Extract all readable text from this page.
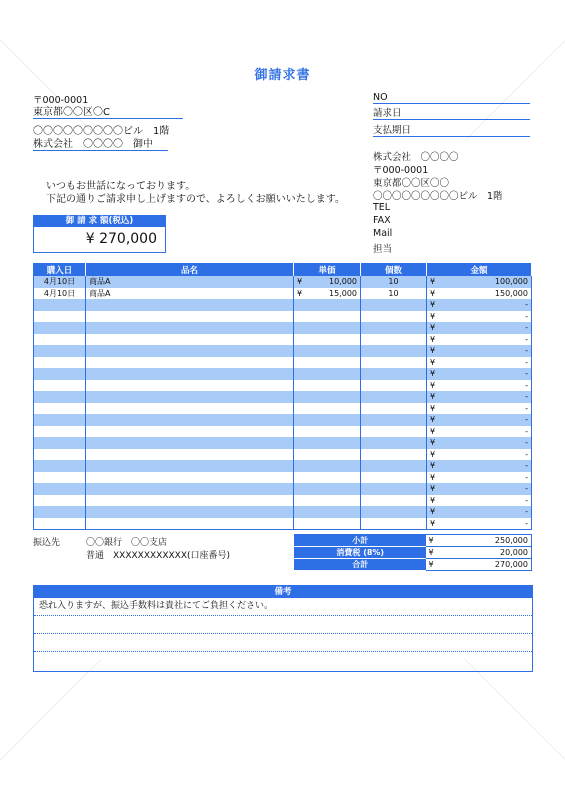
御請求書
〒000-0001
東京都〇〇区〇C
〇〇〇〇〇〇〇〇〇ビル　1階
株式会社　〇〇〇〇　御中
NO
請求日
支払期日
株式会社　〇〇〇〇
〒000-0001
東京都〇〇区〇〇
〇〇〇〇〇〇〇〇〇ビル　1階
TEL
FAX
Mail
担当
いつもお世話になっております。
下記の通りご請求申し上げますので、よろしくお願いいたします。
御 請 求 額(税込)
¥ 270,000
購入日	品名	単価	個数	金額
4月10日	商品A	¥ 10,000	10	¥ 100,000

4月10日	商品A	¥ 15,000	10	¥ 150,000

				¥ -

				¥ -

				¥ -

				¥ -

				¥ -

				¥ -

				¥ -

				¥ -

				¥ -

				¥ -

				¥ -

				¥ -

				¥ -

				¥ -

				¥ -

				¥ -

				¥ -

				¥ -

				¥ -

				¥ -
振込先	〇〇銀行　〇〇支店
普通　XXXXXXXXXXXX(口座番号)
小計	¥	250,000
消費税 (8%)	¥	20,000
合計	¥	270,000
備考
恐れ入りますが、振込手数料は貴社にてご負担ください。
